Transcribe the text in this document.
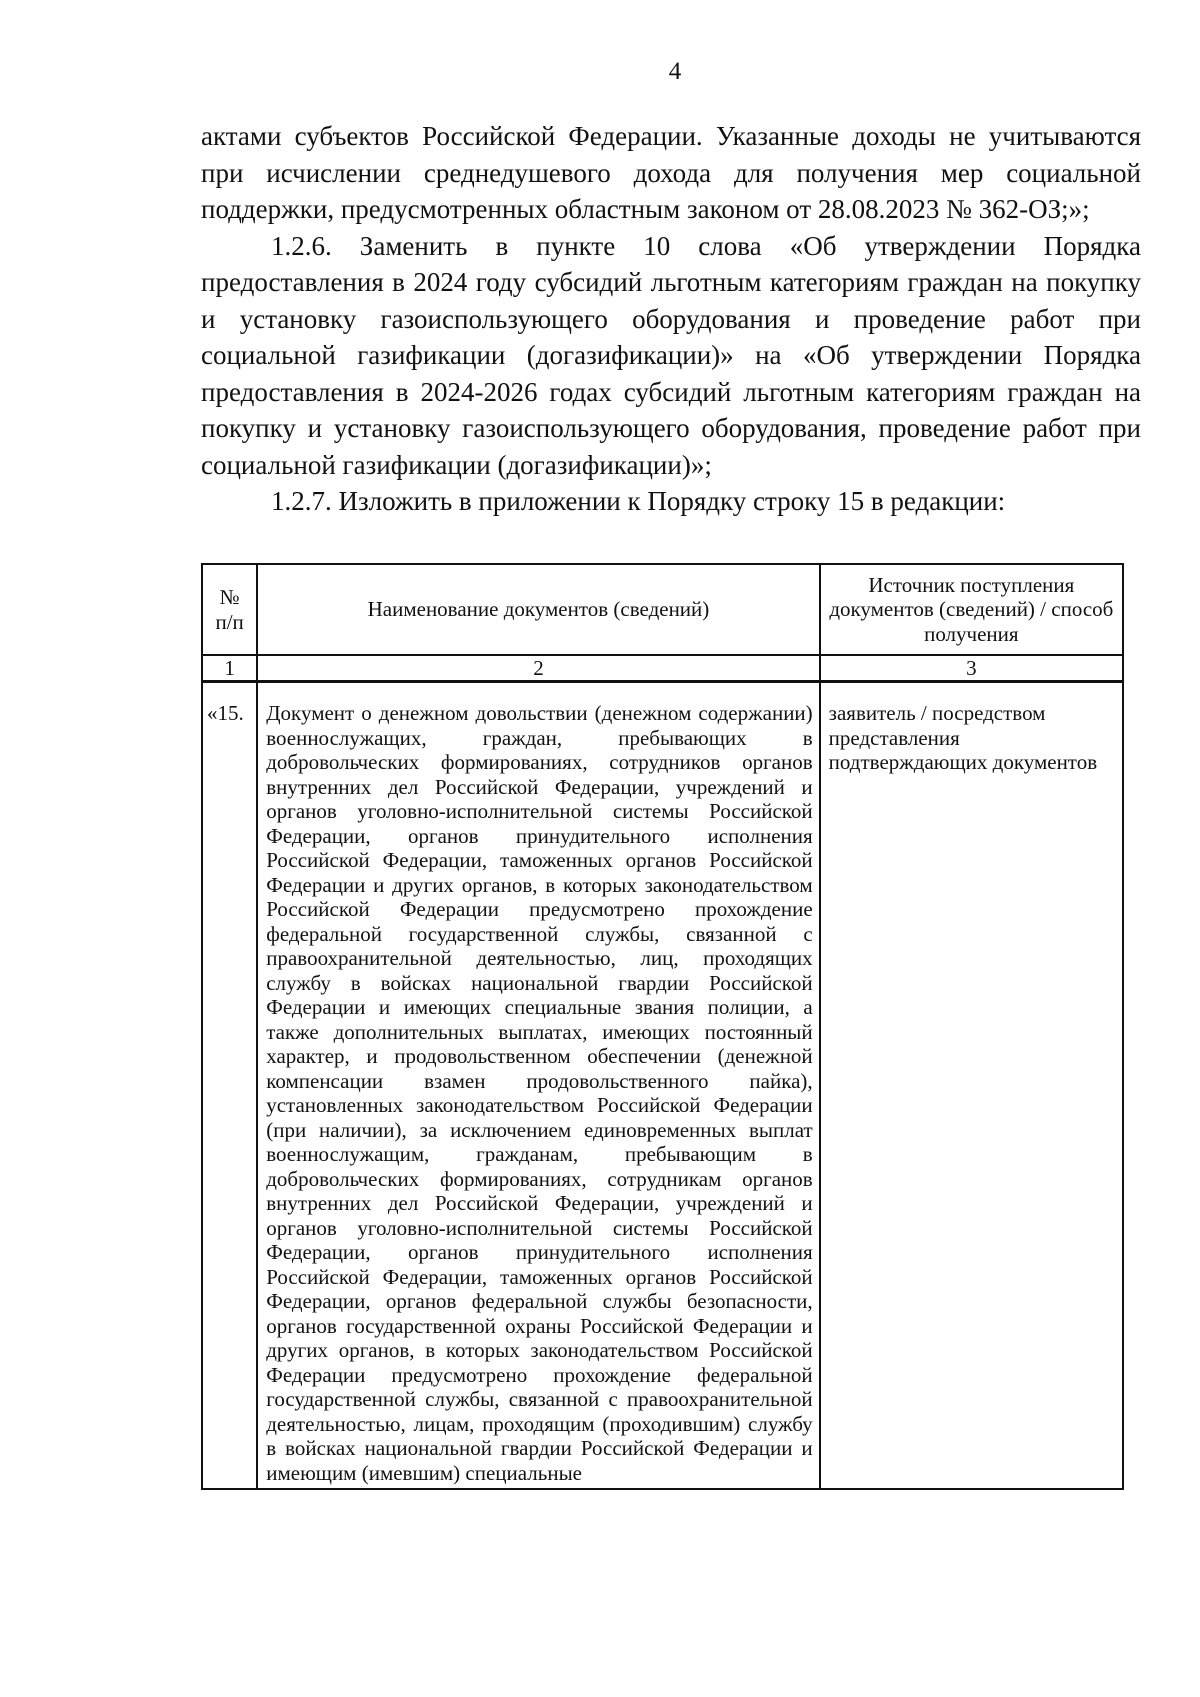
4

актами субъектов Российской Федерации. Указанные доходы не учитываются при исчислении среднедушевого дохода для получения мер социальной поддержки, предусмотренных областным законом от 28.08.2023 № 362-ОЗ;»;

1.2.6. Заменить в пункте 10 слова «Об утверждении Порядка предоставления в 2024 году субсидий льготным категориям граждан на покупку и установку газоиспользующего оборудования и проведение работ при социальной газификации (догазификации)» на «Об утверждении Порядка предоставления в 2024-2026 годах субсидий льготным категориям граждан на покупку и установку газоиспользующего оборудования, проведение работ при социальной газификации (догазификации)»;

1.2.7. Изложить в приложении к Порядку строку 15 в редакции:

№ п/п	Наименование документов (сведений)	Источник поступления документов (сведений) / способ получения
1	2	3
«15.	Документ о денежном довольствии (денежном содержании) военнослужащих, граждан, пребывающих в добровольческих формированиях, сотрудников органов внутренних дел Российской Федерации, учреждений и органов уголовно-исполнительной системы Российской Федерации, органов принудительного исполнения Российской Федерации, таможенных органов Российской Федерации и других органов, в которых законодательством Российской Федерации предусмотрено прохождение федеральной государственной службы, связанной с правоохранительной деятельностью, лиц, проходящих службу в войсках национальной гвардии Российской Федерации и имеющих специальные звания полиции, а также дополнительных выплатах, имеющих постоянный характер, и продовольственном обеспечении (денежной компенсации взамен продовольственного пайка), установленных законодательством Российской Федерации (при наличии), за исключением единовременных выплат военнослужащим, гражданам, пребывающим в добровольческих формированиях, сотрудникам органов внутренних дел Российской Федерации, учреждений и органов уголовно-исполнительной системы Российской Федерации, органов принудительного исполнения Российской Федерации, таможенных органов Российской Федерации, органов федеральной службы безопасности, органов государственной охраны Российской Федерации и других органов, в которых законодательством Российской Федерации предусмотрено прохождение федеральной государственной службы, связанной с правоохранительной деятельностью, лицам, проходящим (проходившим) службу в войсках национальной гвардии Российской Федерации и имеющим (имевшим) специальные	заявитель / посредством представления подтверждающих документов
